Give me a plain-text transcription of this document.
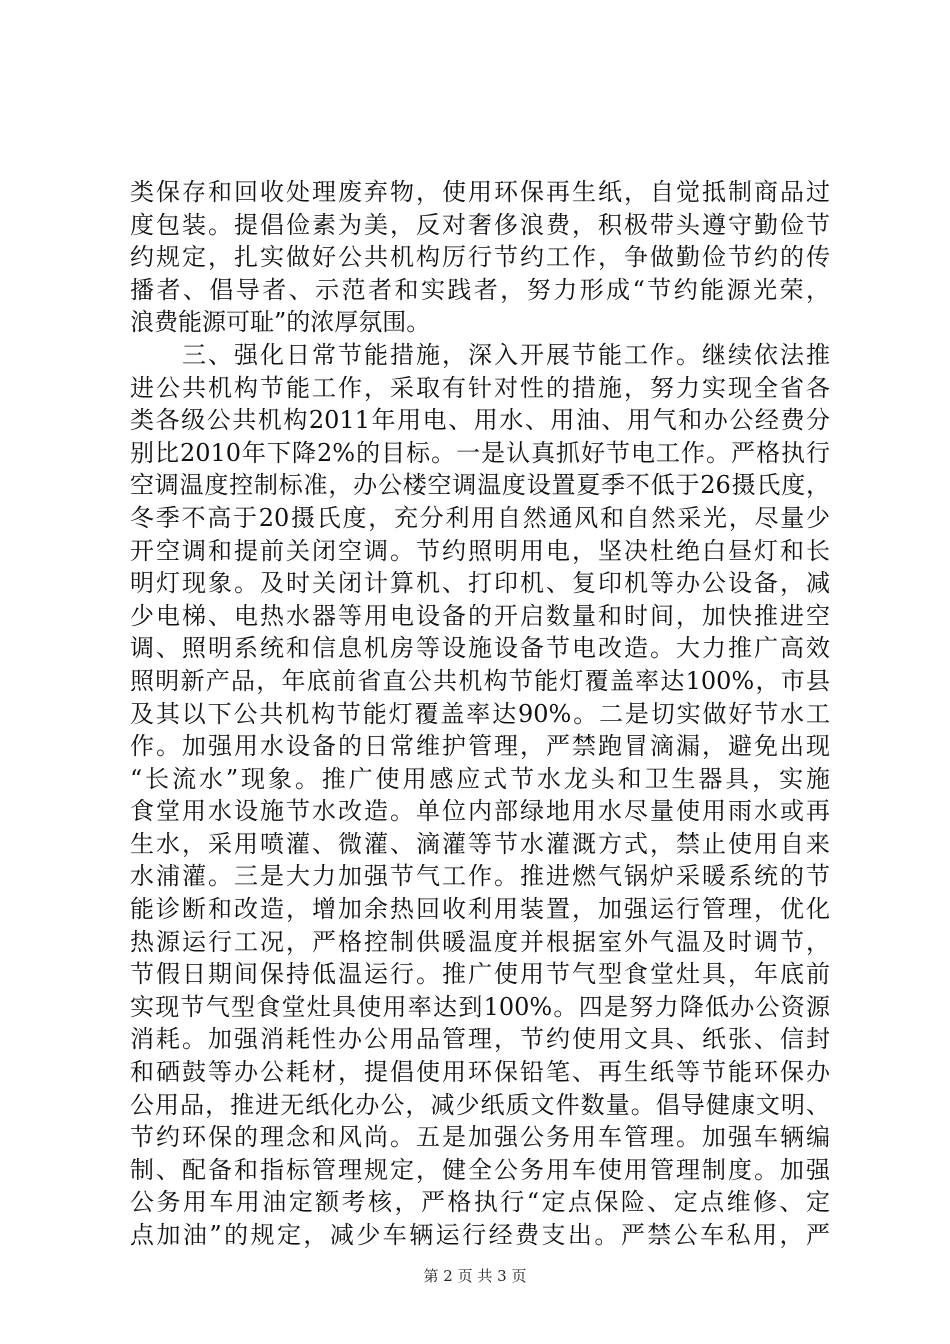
类保存和回收处理废弃物，使用环保再生纸，自觉抵制商品过
度包装。提倡俭素为美，反对奢侈浪费，积极带头遵守勤俭节
约规定，扎实做好公共机构厉行节约工作，争做勤俭节约的传
播者、倡导者、示范者和实践者，努力形成“节约能源光荣，
浪费能源可耻”的浓厚氛围。
　　三、强化日常节能措施，深入开展节能工作。继续依法推
进公共机构节能工作，采取有针对性的措施，努力实现全省各
类各级公共机构2011年用电、用水、用油、用气和办公经费分
别比2010年下降2%的目标。一是认真抓好节电工作。严格执行
空调温度控制标准，办公楼空调温度设置夏季不低于26摄氏度，
冬季不高于20摄氏度，充分利用自然通风和自然采光，尽量少
开空调和提前关闭空调。节约照明用电，坚决杜绝白昼灯和长
明灯现象。及时关闭计算机、打印机、复印机等办公设备，减
少电梯、电热水器等用电设备的开启数量和时间，加快推进空
调、照明系统和信息机房等设施设备节电改造。大力推广高效
照明新产品，年底前省直公共机构节能灯覆盖率达100%，市县
及其以下公共机构节能灯覆盖率达90%。二是切实做好节水工
作。加强用水设备的日常维护管理，严禁跑冒滴漏，避免出现
“长流水”现象。推广使用感应式节水龙头和卫生器具，实施
食堂用水设施节水改造。单位内部绿地用水尽量使用雨水或再
生水，采用喷灌、微灌、滴灌等节水灌溉方式，禁止使用自来
水浦灌。三是大力加强节气工作。推进燃气锅炉采暖系统的节
能诊断和改造，增加余热回收利用装置，加强运行管理，优化
热源运行工况，严格控制供暖温度并根据室外气温及时调节，
节假日期间保持低温运行。推广使用节气型食堂灶具，年底前
实现节气型食堂灶具使用率达到100%。四是努力降低办公资源
消耗。加强消耗性办公用品管理，节约使用文具、纸张、信封
和硒鼓等办公耗材，提倡使用环保铅笔、再生纸等节能环保办
公用品，推进无纸化办公，减少纸质文件数量。倡导健康文明、
节约环保的理念和风尚。五是加强公务用车管理。加强车辆编
制、配备和指标管理规定，健全公务用车使用管理制度。加强
公务用车用油定额考核，严格执行“定点保险、定点维修、定
点加油”的规定，减少车辆运行经费支出。严禁公车私用，严
第 2 页 共 3 页
